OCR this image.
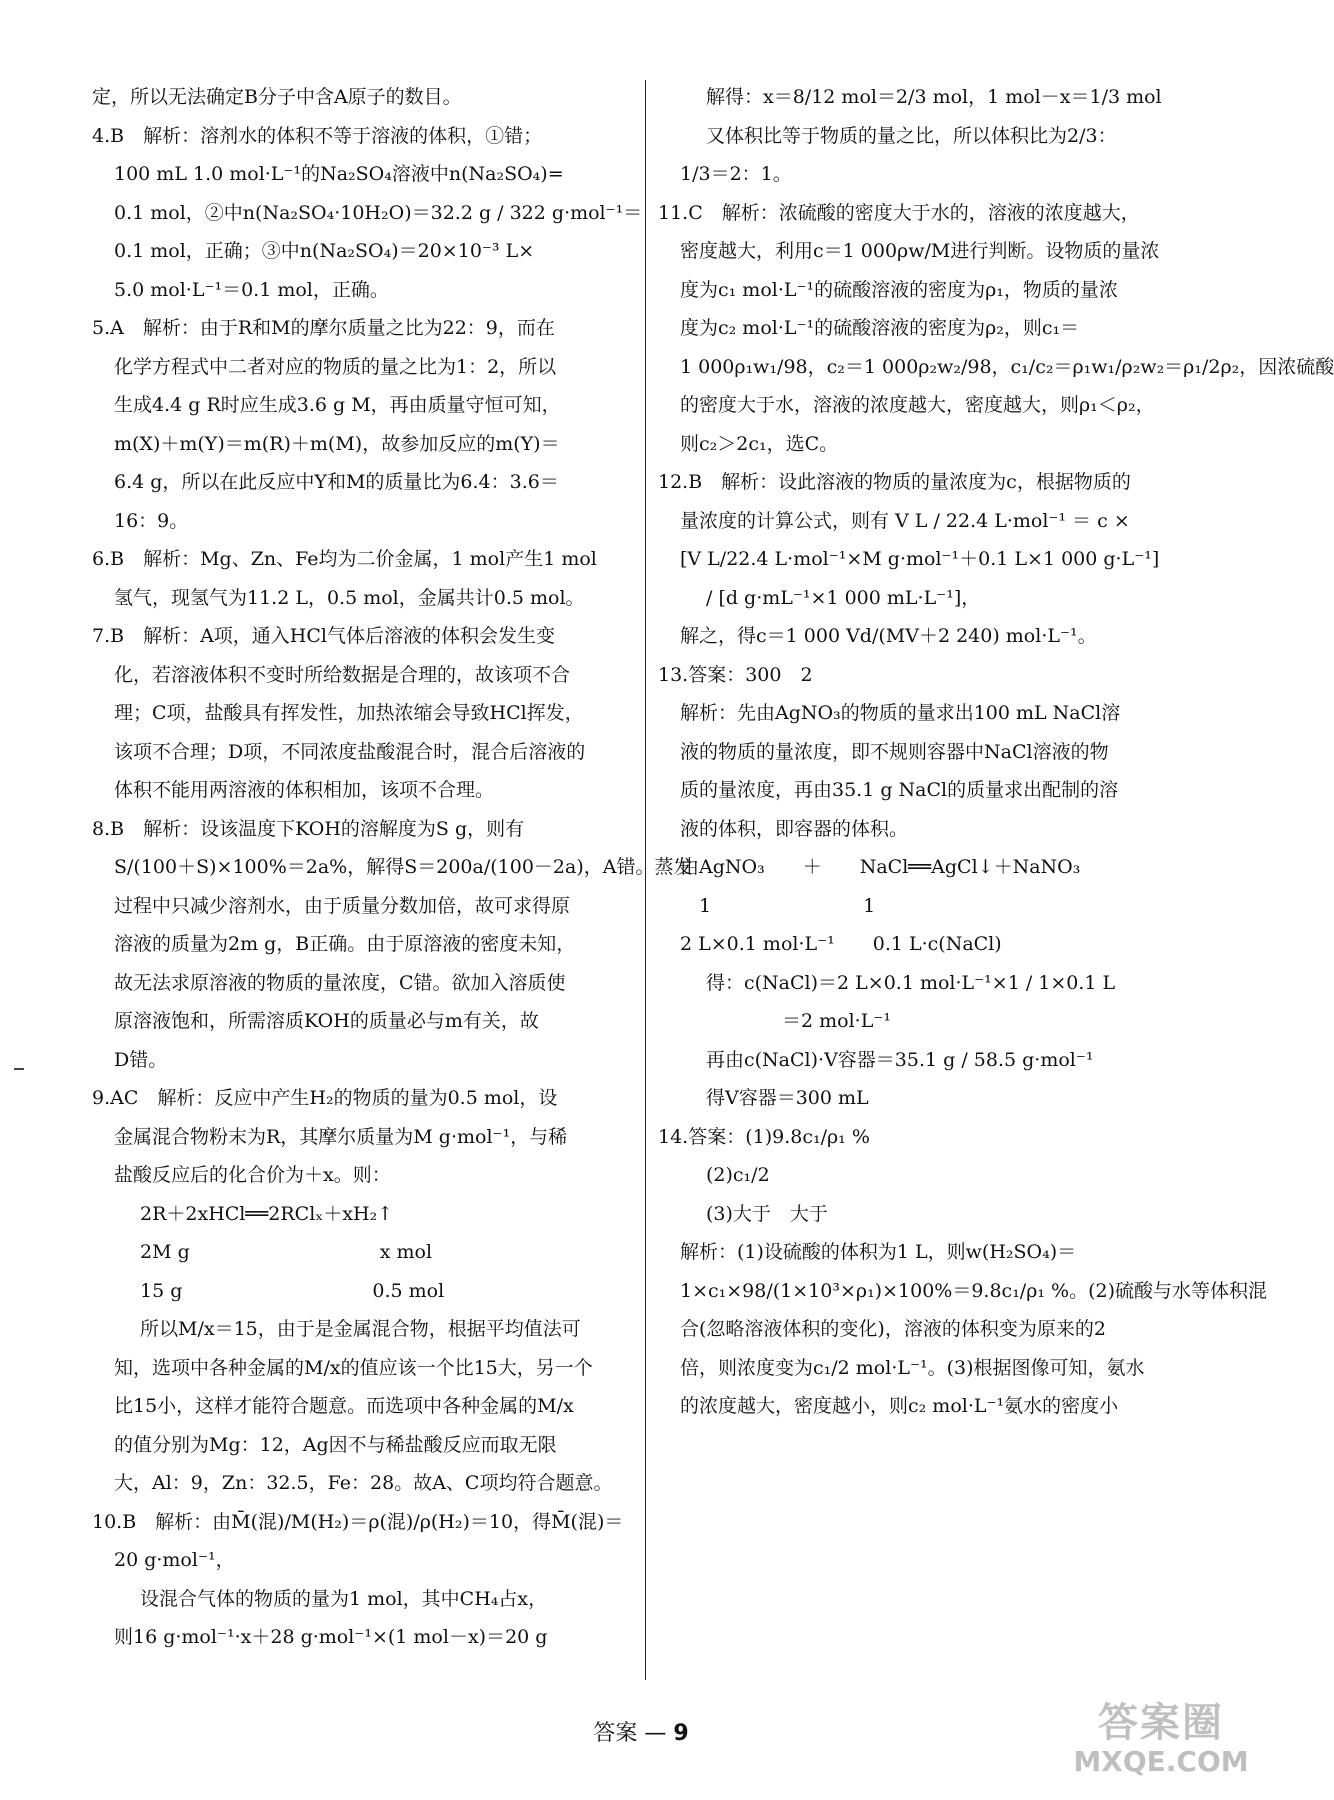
定，所以无法确定B分子中含A原子的数目。
4.B　解析：溶剂水的体积不等于溶液的体积，①错；
100 mL 1.0 mol·L⁻¹的Na₂SO₄溶液中n(Na₂SO₄)=
0.1 mol，②中n(Na₂SO₄·10H₂O)＝32.2 g / 322 g·mol⁻¹＝
0.1 mol，正确；③中n(Na₂SO₄)＝20×10⁻³ L×
5.0 mol·L⁻¹＝0.1 mol，正确。
5.A　解析：由于R和M的摩尔质量之比为22：9，而在
化学方程式中二者对应的物质的量之比为1：2，所以
生成4.4 g R时应生成3.6 g M，再由质量守恒可知，
m(X)＋m(Y)＝m(R)＋m(M)，故参加反应的m(Y)＝
6.4 g，所以在此反应中Y和M的质量比为6.4：3.6＝
16：9。
6.B　解析：Mg、Zn、Fe均为二价金属，1 mol产生1 mol
氢气，现氢气为11.2 L，0.5 mol，金属共计0.5 mol。
7.B　解析：A项，通入HCl气体后溶液的体积会发生变
化，若溶液体积不变时所给数据是合理的，故该项不合
理；C项，盐酸具有挥发性，加热浓缩会导致HCl挥发，
该项不合理；D项，不同浓度盐酸混合时，混合后溶液的
体积不能用两溶液的体积相加，该项不合理。
8.B　解析：设该温度下KOH的溶解度为S g，则有
S/(100＋S)×100%＝2a%，解得S＝200a/(100－2a)，A错。蒸发
过程中只减少溶剂水，由于质量分数加倍，故可求得原
溶液的质量为2m g，B正确。由于原溶液的密度未知，
故无法求原溶液的物质的量浓度，C错。欲加入溶质使
原溶液饱和，所需溶质KOH的质量必与m有关，故
D错。
9.AC　解析：反应中产生H₂的物质的量为0.5 mol，设
金属混合物粉末为R，其摩尔质量为M g·mol⁻¹，与稀
盐酸反应后的化合价为＋x。则：
2R＋2xHCl══2RClₓ＋xH₂↑
2M g　　　　　　　　　　x mol
15 g　　　　　　　　　　0.5 mol
所以M/x＝15，由于是金属混合物，根据平均值法可
知，选项中各种金属的M/x的值应该一个比15大，另一个
比15小，这样才能符合题意。而选项中各种金属的M/x
的值分别为Mg：12，Ag因不与稀盐酸反应而取无限
大，Al：9，Zn：32.5，Fe：28。故A、C项均符合题意。
10.B　解析：由M̄(混)/M(H₂)＝ρ(混)/ρ(H₂)＝10，得M̄(混)＝
20 g·mol⁻¹，
设混合气体的物质的量为1 mol，其中CH₄占x，
则16 g·mol⁻¹·x＋28 g·mol⁻¹×(1 mol－x)＝20 g
解得：x＝8/12 mol＝2/3 mol，1 mol－x＝1/3 mol
又体积比等于物质的量之比，所以体积比为2/3：
1/3＝2：1。
11.C　解析：浓硫酸的密度大于水的，溶液的浓度越大，
密度越大，利用c＝1 000ρw/M进行判断。设物质的量浓
度为c₁ mol·L⁻¹的硫酸溶液的密度为ρ₁，物质的量浓
度为c₂ mol·L⁻¹的硫酸溶液的密度为ρ₂，则c₁＝
1 000ρ₁w₁/98，c₂＝1 000ρ₂w₂/98，c₁/c₂＝ρ₁w₁/ρ₂w₂＝ρ₁/2ρ₂，因浓硫酸
的密度大于水，溶液的浓度越大，密度越大，则ρ₁＜ρ₂，
则c₂＞2c₁，选C。
12.B　解析：设此溶液的物质的量浓度为c，根据物质的
量浓度的计算公式，则有 V L / 22.4 L·mol⁻¹ ＝ c ×
[V L/22.4 L·mol⁻¹×M g·mol⁻¹＋0.1 L×1 000 g·L⁻¹]
/ [d g·mL⁻¹×1 000 mL·L⁻¹]，
解之，得c＝1 000 Vd/(MV＋2 240) mol·L⁻¹。
13.答案：300　2
解析：先由AgNO₃的物质的量求出100 mL NaCl溶
液的物质的量浓度，即不规则容器中NaCl溶液的物
质的量浓度，再由35.1 g NaCl的质量求出配制的溶
液的体积，即容器的体积。
由AgNO₃　　＋　　NaCl══AgCl↓＋NaNO₃
　1　　　　　　　　1
2 L×0.1 mol·L⁻¹　　0.1 L·c(NaCl)
得：c(NaCl)＝2 L×0.1 mol·L⁻¹×1 / 1×0.1 L
　　　　＝2 mol·L⁻¹
再由c(NaCl)·V容器＝35.1 g / 58.5 g·mol⁻¹
得V容器＝300 mL
14.答案：(1)9.8c₁/ρ₁ %
(2)c₁/2
(3)大于　大于
解析：(1)设硫酸的体积为1 L，则w(H₂SO₄)＝
1×c₁×98/(1×10³×ρ₁)×100%＝9.8c₁/ρ₁ %。(2)硫酸与水等体积混
合(忽略溶液体积的变化)，溶液的体积变为原来的2
倍，则浓度变为c₁/2 mol·L⁻¹。(3)根据图像可知，氨水
的浓度越大，密度越小，则c₂ mol·L⁻¹氨水的密度小
答案 — 9	答案圈
MXQE.COM
